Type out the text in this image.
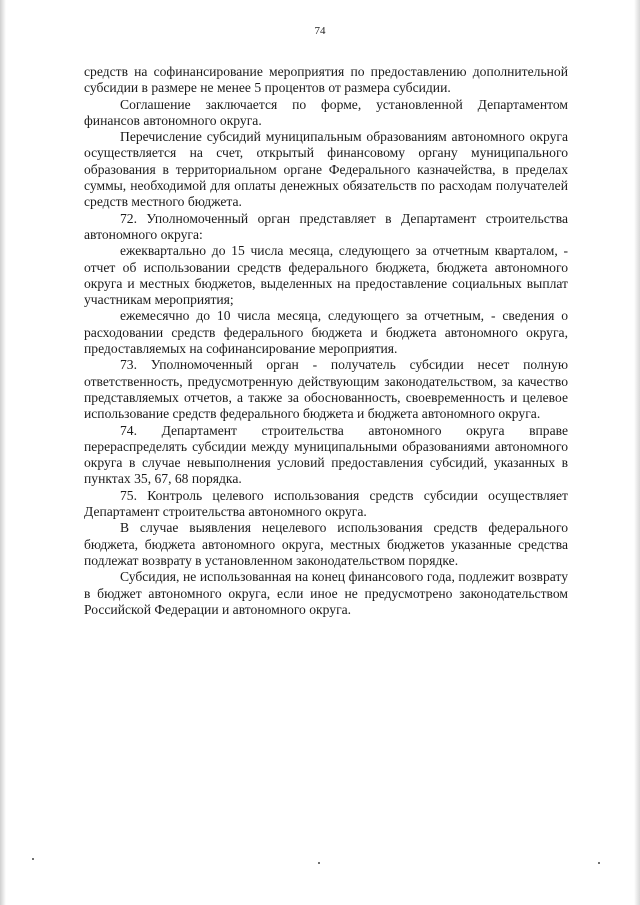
74

средств на софинансирование мероприятия по предоставлению дополнительной субсидии в размере не менее 5 процентов от размера субсидии.

Соглашение заключается по форме, установленной Департаментом финансов автономного округа.

Перечисление субсидий муниципальным образованиям автономного округа осуществляется на счет, открытый финансовому органу муниципального образования в территориальном органе Федерального казначейства, в пределах суммы, необходимой для оплаты денежных обязательств по расходам получателей средств местного бюджета.

72. Уполномоченный орган представляет в Департамент строительства автономного округа:

ежеквартально до 15 числа месяца, следующего за отчетным кварталом, - отчет об использовании средств федерального бюджета, бюджета автономного округа и местных бюджетов, выделенных на предоставление социальных выплат участникам мероприятия;

ежемесячно до 10 числа месяца, следующего за отчетным, - сведения о расходовании средств федерального бюджета и бюджета автономного округа, предоставляемых на софинансирование мероприятия.

73. Уполномоченный орган - получатель субсидии несет полную ответственность, предусмотренную действующим законодательством, за качество представляемых отчетов, а также за обоснованность, своевременность и целевое использование средств федерального бюджета и бюджета автономного округа.

74. Департамент строительства автономного округа вправе перераспределять субсидии между муниципальными образованиями автономного округа в случае невыполнения условий предоставления субсидий, указанных в пунктах 35, 67, 68 порядка.

75. Контроль целевого использования средств субсидии осуществляет Департамент строительства автономного округа.

В случае выявления нецелевого использования средств федерального бюджета, бюджета автономного округа, местных бюджетов указанные средства подлежат возврату в установленном законодательством порядке.

Субсидия, не использованная на конец финансового года, подлежит возврату в бюджет автономного округа, если иное не предусмотрено законодательством Российской Федерации и автономного округа.
